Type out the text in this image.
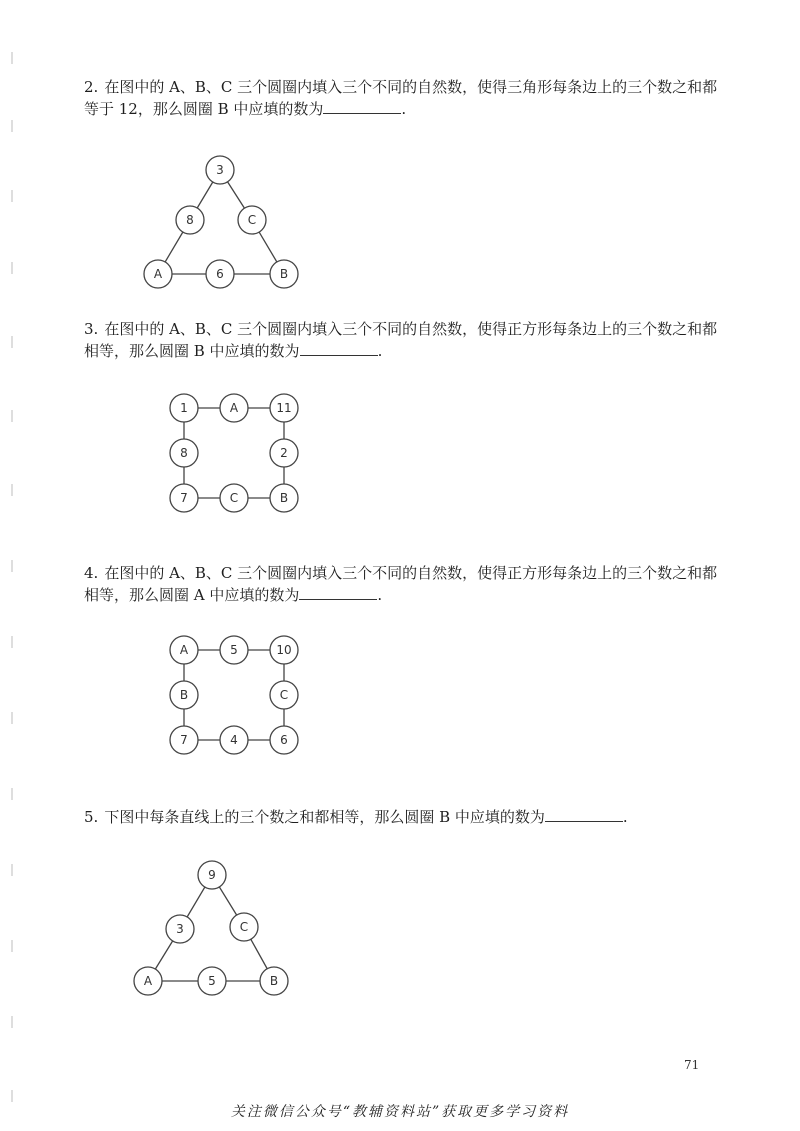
2. 在图中的 A、B、C 三个圆圈内填入三个不同的自然数，使得三角形每条边上的三个数之和都等于 12，那么圆圈 B 中应填的数为	.
3
8	C
A	6	B
3. 在图中的 A、B、C 三个圆圈内填入三个不同的自然数，使得正方形每条边上的三个数之和都相等，那么圆圈 B 中应填的数为	.
1	A	11
8	2
7	C	B
4. 在图中的 A、B、C 三个圆圈内填入三个不同的自然数，使得正方形每条边上的三个数之和都相等，那么圆圈 A 中应填的数为	.
A	5	10
B	C
7	4	6
5. 下图中每条直线上的三个数之和都相等，那么圆圈 B 中应填的数为	.
9
3	C
A	5	B
71
关注微信公众号“教辅资料站”获取更多学习资料
